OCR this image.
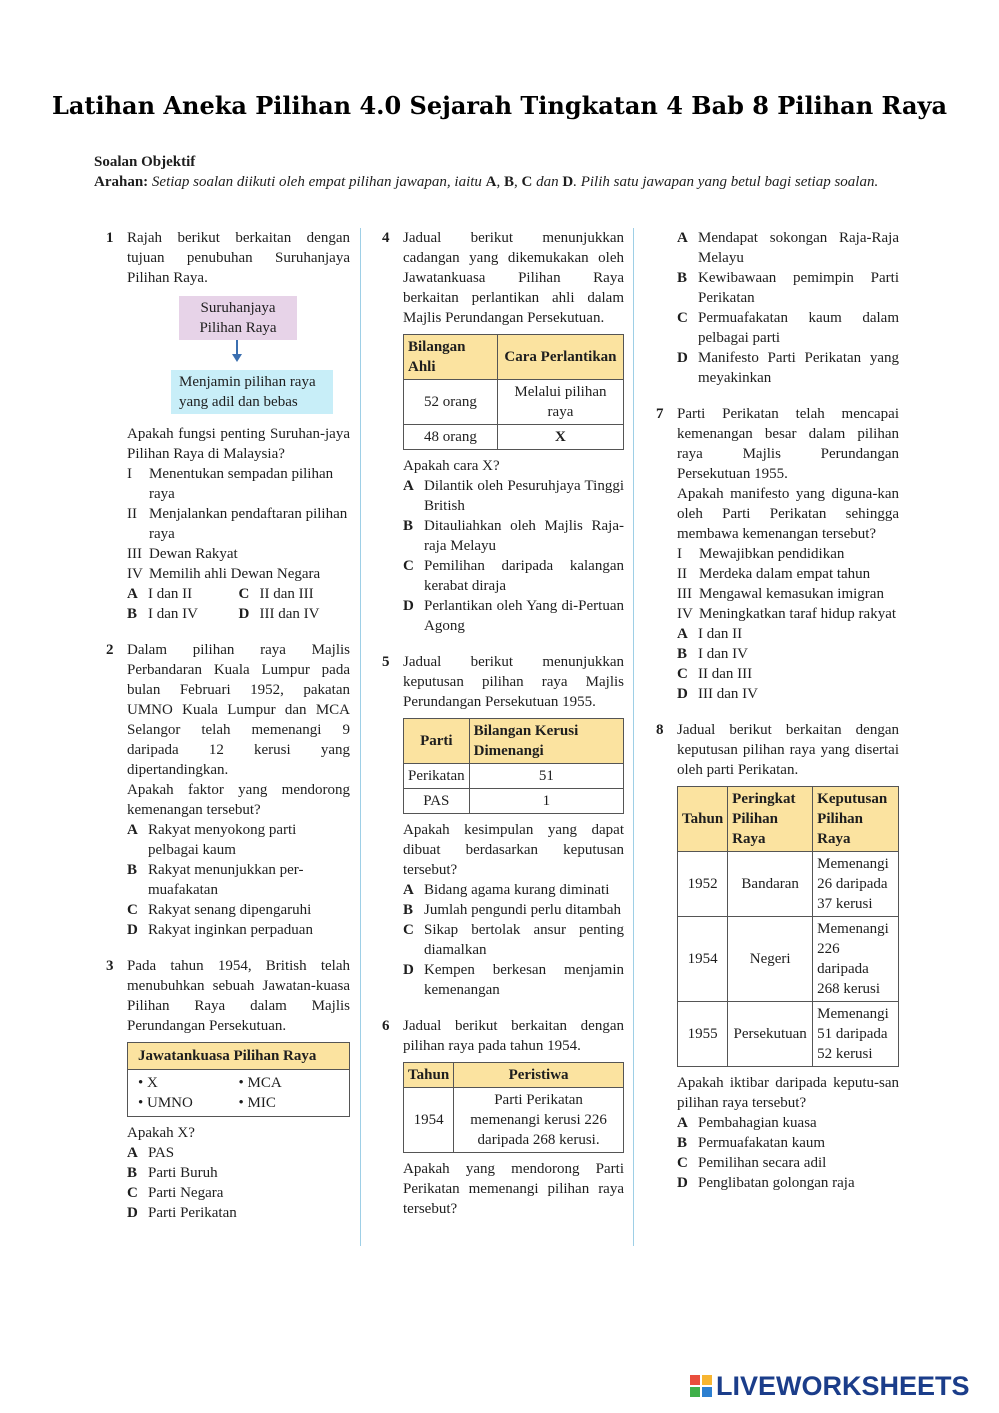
Latihan Aneka Pilihan 4.0 Sejarah Tingkatan 4 Bab 8 Pilihan Raya
Soalan Objektif
Arahan: Setiap soalan diikuti oleh empat pilihan jawapan, iaitu A, B, C dan D. Pilih satu jawapan yang betul bagi setiap soalan.
1 Rajah berikut berkaitan dengan tujuan penubuhan Suruhanjaya Pilihan Raya.
Suruhanjaya Pilihan Raya
Menjamin pilihan raya yang adil dan bebas
Apakah fungsi penting Suruhan-jaya Pilihan Raya di Malaysia?
I Menentukan sempadan pilihan raya
II Menjalankan pendaftaran pilihan raya
III Dewan Rakyat
IV Memilih ahli Dewan Negara
A I dan II	C II dan III
B I dan IV	D III dan IV
2 Dalam pilihan raya Majlis Perbandaran Kuala Lumpur pada bulan Februari 1952, pakatan UMNO Kuala Lumpur dan MCA Selangor telah memenangi 9 daripada 12 kerusi yang dipertandingkan.
Apakah faktor yang mendorong kemenangan tersebut?
A Rakyat menyokong parti pelbagai kaum
B Rakyat menunjukkan per-muafakatan
C Rakyat senang dipengaruhi
D Rakyat inginkan perpaduan
3 Pada tahun 1954, British telah menubuhkan sebuah Jawatan-kuasa Pilihan Raya dalam Majlis Perundangan Persekutuan.
Jawatankuasa Pilihan Raya
• X	• MCA
• UMNO	• MIC
Apakah X?
A PAS
B Parti Buruh
C Parti Negara
D Parti Perikatan
4 Jadual berikut menunjukkan cadangan yang dikemukakan oleh Jawatankuasa Pilihan Raya berkaitan perlantikan ahli dalam Majlis Perundangan Persekutuan.
Bilangan Ahli	Cara Perlantikan
52 orang	Melalui pilihan raya
48 orang	X
Apakah cara X?
A Dilantik oleh Pesuruhjaya Tinggi British
B Ditauliahkan oleh Majlis Raja-raja Melayu
C Pemilihan daripada kalangan kerabat diraja
D Perlantikan oleh Yang di-Pertuan Agong
5 Jadual berikut menunjukkan keputusan pilihan raya Majlis Perundangan Persekutuan 1955.
Parti	Bilangan Kerusi Dimenangi
Perikatan	51
PAS	1
Apakah kesimpulan yang dapat dibuat berdasarkan keputusan tersebut?
A Bidang agama kurang diminati
B Jumlah pengundi perlu ditambah
C Sikap bertolak ansur penting diamalkan
D Kempen berkesan menjamin kemenangan
6 Jadual berikut berkaitan dengan pilihan raya pada tahun 1954.
Tahun	Peristiwa
1954	Parti Perikatan memenangi kerusi 226 daripada 268 kerusi.
Apakah yang mendorong Parti Perikatan memenangi pilihan raya tersebut?
A Mendapat sokongan Raja-Raja Melayu
B Kewibawaan pemimpin Parti Perikatan
C Permuafakatan kaum dalam pelbagai parti
D Manifesto Parti Perikatan yang meyakinkan
7 Parti Perikatan telah mencapai kemenangan besar dalam pilihan raya Majlis Perundangan Persekutuan 1955.
Apakah manifesto yang diguna-kan oleh Parti Perikatan sehingga membawa kemenangan tersebut?
I Mewajibkan pendidikan
II Merdeka dalam empat tahun
III Mengawal kemasukan imigran
IV Meningkatkan taraf hidup rakyat
A I dan II
B I dan IV
C II dan III
D III dan IV
8 Jadual berikut berkaitan dengan keputusan pilihan raya yang disertai oleh parti Perikatan.
Tahun	Peringkat Pilihan Raya	Keputusan Pilihan Raya
1952	Bandaran	Memenangi 26 daripada 37 kerusi
1954	Negeri	Memenangi 226 daripada 268 kerusi
1955	Persekutuan	Memenangi 51 daripada 52 kerusi
Apakah iktibar daripada keputu-san pilihan raya tersebut?
A Pembahagian kuasa
B Permuafakatan kaum
C Pemilihan secara adil
D Penglibatan golongan raja
LIVEWORKSHEETS
